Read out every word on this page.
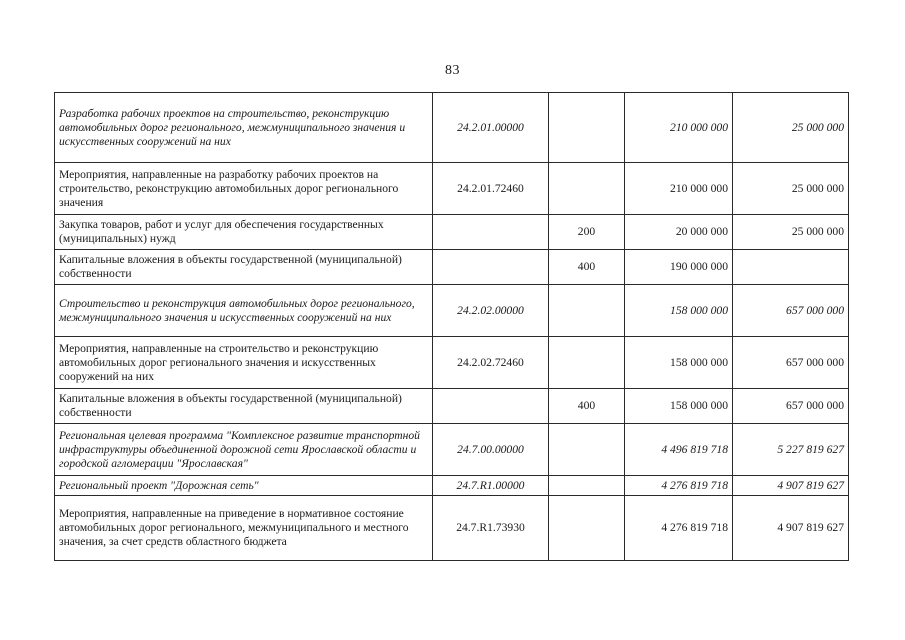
83
Разработка рабочих проектов на строительство, реконструкцию автомобильных дорог регионального, межмуниципального значения и искусственных сооружений на них	24.2.01.00000		210 000 000	25 000 000
Мероприятия, направленные на разработку рабочих проектов на строительство, реконструкцию автомобильных дорог регионального значения	24.2.01.72460		210 000 000	25 000 000
Закупка товаров, работ и услуг для обеспечения государственных (муниципальных) нужд		200	20 000 000	25 000 000
Капитальные вложения в объекты государственной (муниципальной) собственности		400	190 000 000	
Строительство и реконструкция автомобильных дорог регионального, межмуниципального значения и искусственных сооружений на них	24.2.02.00000		158 000 000	657 000 000
Мероприятия, направленные на строительство и реконструкцию автомобильных дорог регионального значения и искусственных сооружений на них	24.2.02.72460		158 000 000	657 000 000
Капитальные вложения в объекты государственной (муниципальной) собственности		400	158 000 000	657 000 000
Региональная целевая программа "Комплексное развитие транспортной инфраструктуры объединенной дорожной сети Ярославской области и городской агломерации "Ярославская"	24.7.00.00000		4 496 819 718	5 227 819 627
Региональный проект "Дорожная сеть"	24.7.R1.00000		4 276 819 718	4 907 819 627
Мероприятия, направленные на приведение в нормативное состояние автомобильных дорог регионального, межмуниципального и местного значения, за счет средств областного бюджета	24.7.R1.73930		4 276 819 718	4 907 819 627
